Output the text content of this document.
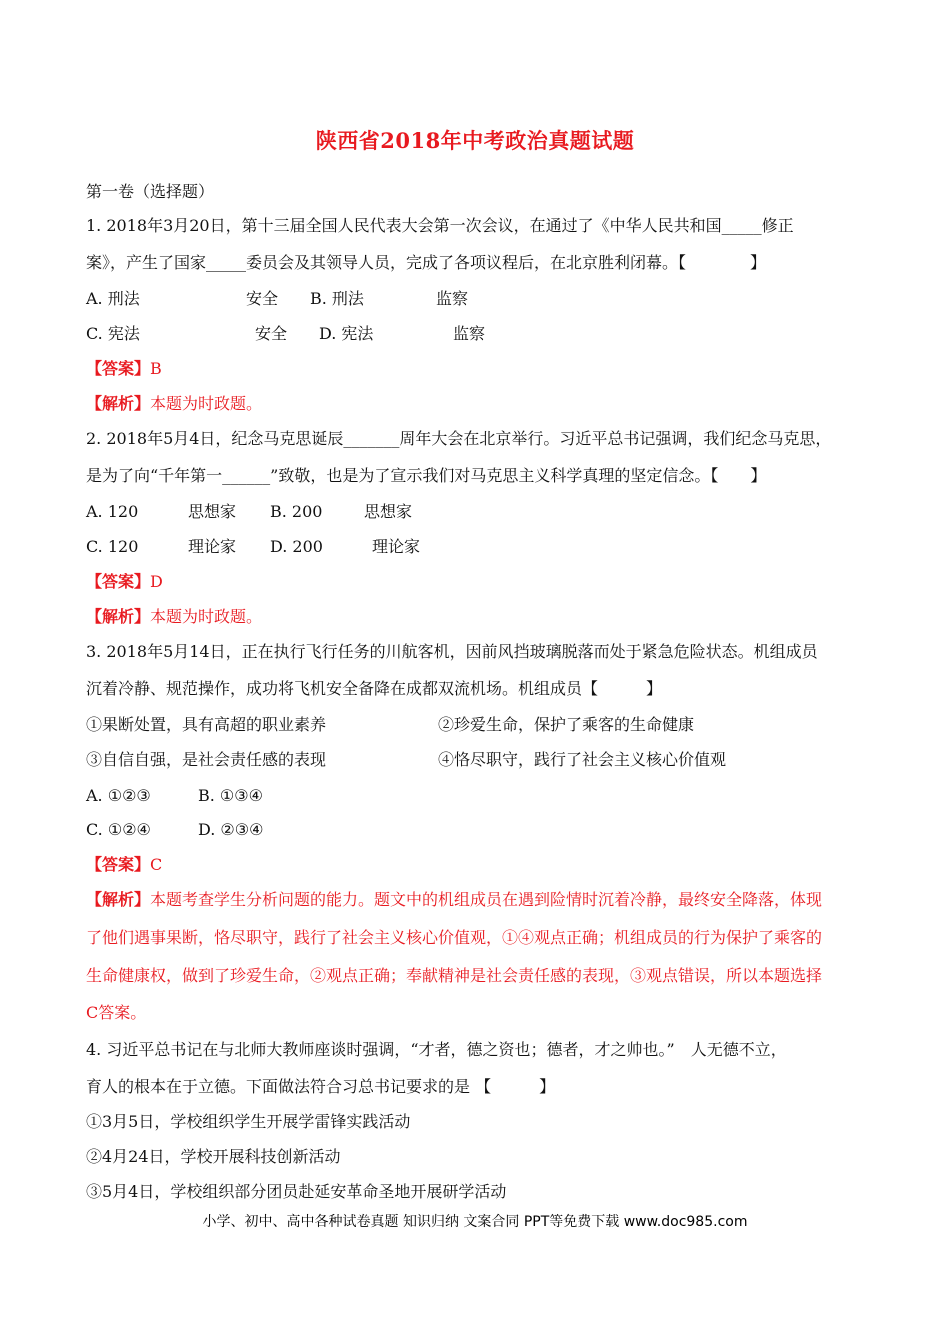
陕西省2018年中考政治真题试题
第一卷（选择题）
1. 2018年3月20日，第十三届全国人民代表大会第一次会议，在通过了《中华人民共和国_____修正
案》，产生了国家_____委员会及其领导人员，完成了各项议程后，在北京胜利闭幕。【　　　　】
A. 刑法	安全 B. 刑法	监察
C. 宪法	安全 D. 宪法	监察
【答案】B
【解析】本题为时政题。
2. 2018年5月4日，纪念马克思诞辰_______周年大会在北京举行。习近平总书记强调，我们纪念马克思，
是为了向“千年第一______”致敬，也是为了宣示我们对马克思主义科学真理的坚定信念。【　　】
A. 120	思想家 B. 200	思想家
C. 120	理论家 D. 200	理论家
【答案】D
【解析】本题为时政题。
3. 2018年5月14日，正在执行飞行任务的川航客机，因前风挡玻璃脱落而处于紧急危险状态。机组成员
沉着冷静、规范操作，成功将飞机安全备降在成都双流机场。机组成员【　　　】
①果断处置，具有高超的职业素养	②珍爱生命，保护了乘客的生命健康
③自信自强，是社会责任感的表现	④恪尽职守，践行了社会主义核心价值观
A. ①②③	B. ①③④
C. ①②④	D. ②③④
【答案】C
【解析】本题考查学生分析问题的能力。题文中的机组成员在遇到险情时沉着冷静，最终安全降落，体现
了他们遇事果断，恪尽职守，践行了社会主义核心价值观，①④观点正确；机组成员的行为保护了乘客的
生命健康权，做到了珍爱生命，②观点正确；奉献精神是社会责任感的表现，③观点错误，所以本题选择
C答案。
4. 习近平总书记在与北师大教师座谈时强调，“才者，德之资也；德者，才之帅也。”　人无德不立，
育人的根本在于立德。下面做法符合习总书记要求的是 【　　　】
①3月5日，学校组织学生开展学雷锋实践活动
②4月24日，学校开展科技创新活动
③5月4日，学校组织部分团员赴延安革命圣地开展研学活动
小学、初中、高中各种试卷真题 知识归纳 文案合同 PPT等免费下载 www.doc985.com
